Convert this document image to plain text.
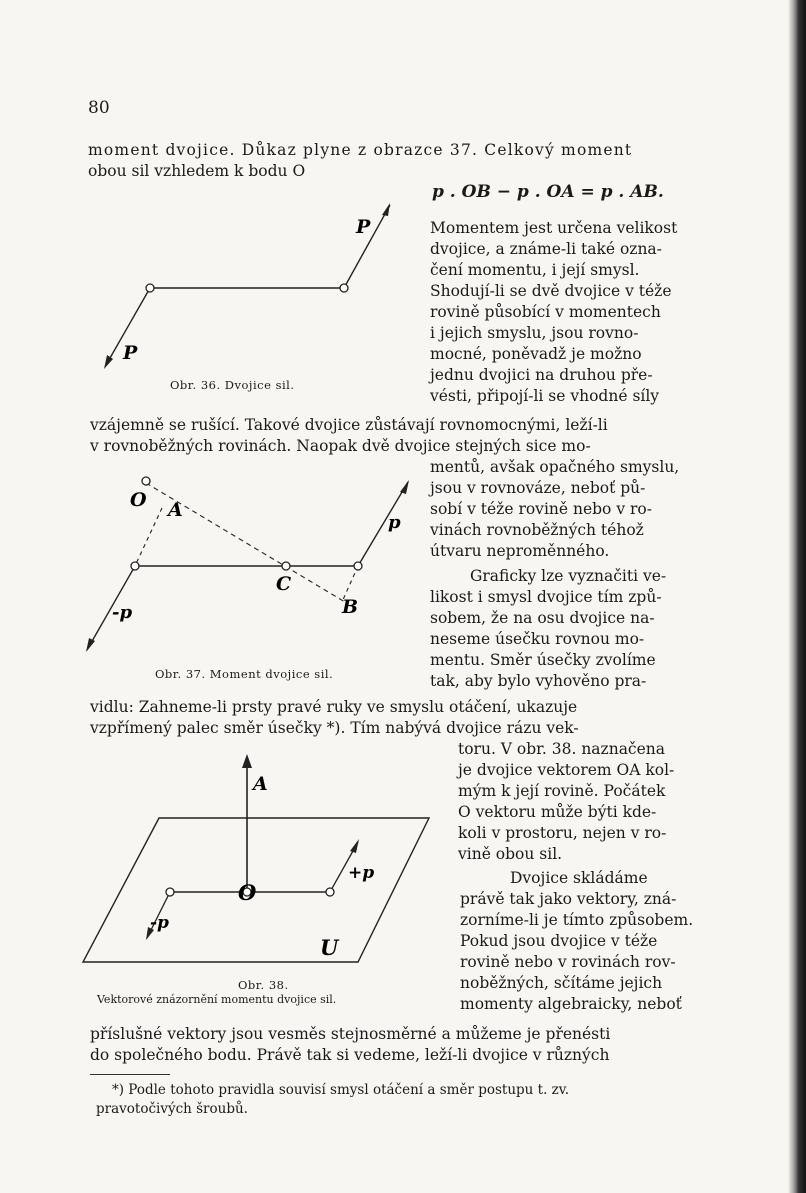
80
moment dvojice. Důkaz plyne z obrazce 37. Celkový moment
obou sil vzhledem k bodu O
p . OB − p . OA = p . AB.
Momentem jest určena velikost
dvojice, a známe-li také ozna-
čení momentu, i její smysl.
Shodují-li se dvě dvojice v téže
rovině působící v momentech
i jejich smyslu, jsou rovno-
mocné, poněvadž je možno
jednu dvojici na druhou pře-
vésti, připojí-li se vhodné síly
P
P
Obr. 36. Dvojice sil.
vzájemně se rušící. Takové dvojice zůstávají rovnomocnými, leží-li
v rovnoběžných rovinách. Naopak dvě dvojice stejných sice mo-
mentů, avšak opačného smyslu,
jsou v rovnováze, neboť pů-
sobí v téže rovině nebo v ro-
vinách rovnoběžných téhož
útvaru neproměnného.
Graficky lze vyznačiti ve-
likost i smysl dvojice tím způ-
sobem, že na osu dvojice na-
neseme úsečku rovnou mo-
mentu. Směr úsečky zvolíme
tak, aby bylo vyhověno pra-
O A
C
B
p
-p
Obr. 37. Moment dvojice sil.
vidlu: Zahneme-li prsty pravé ruky ve smyslu otáčení, ukazuje
vzpřímený palec směr úsečky *). Tím nabývá dvojice rázu vek-
toru. V obr. 38. naznačena
je dvojice vektorem OA kol-
mým k její rovině. Počátek
O vektoru může býti kde-
koli v prostoru, nejen v ro-
vině obou sil.
Dvojice skládáme
právě tak jako vektory, zná-
zorníme-li je tímto způsobem.
Pokud jsou dvojice v téže
rovině nebo v rovinách rov-
noběžných, sčítáme jejich
momenty algebraicky, neboť
A
O
U
+p
-p
Obr. 38.
Vektorové znázornění momentu dvojice sil.
příslušné vektory jsou vesměs stejnosměrné a můžeme je přenésti
do společného bodu. Právě tak si vedeme, leží-li dvojice v různých
*) Podle tohoto pravidla souvisí smysl otáčení a směr postupu t. zv.
pravotočivých šroubů.
